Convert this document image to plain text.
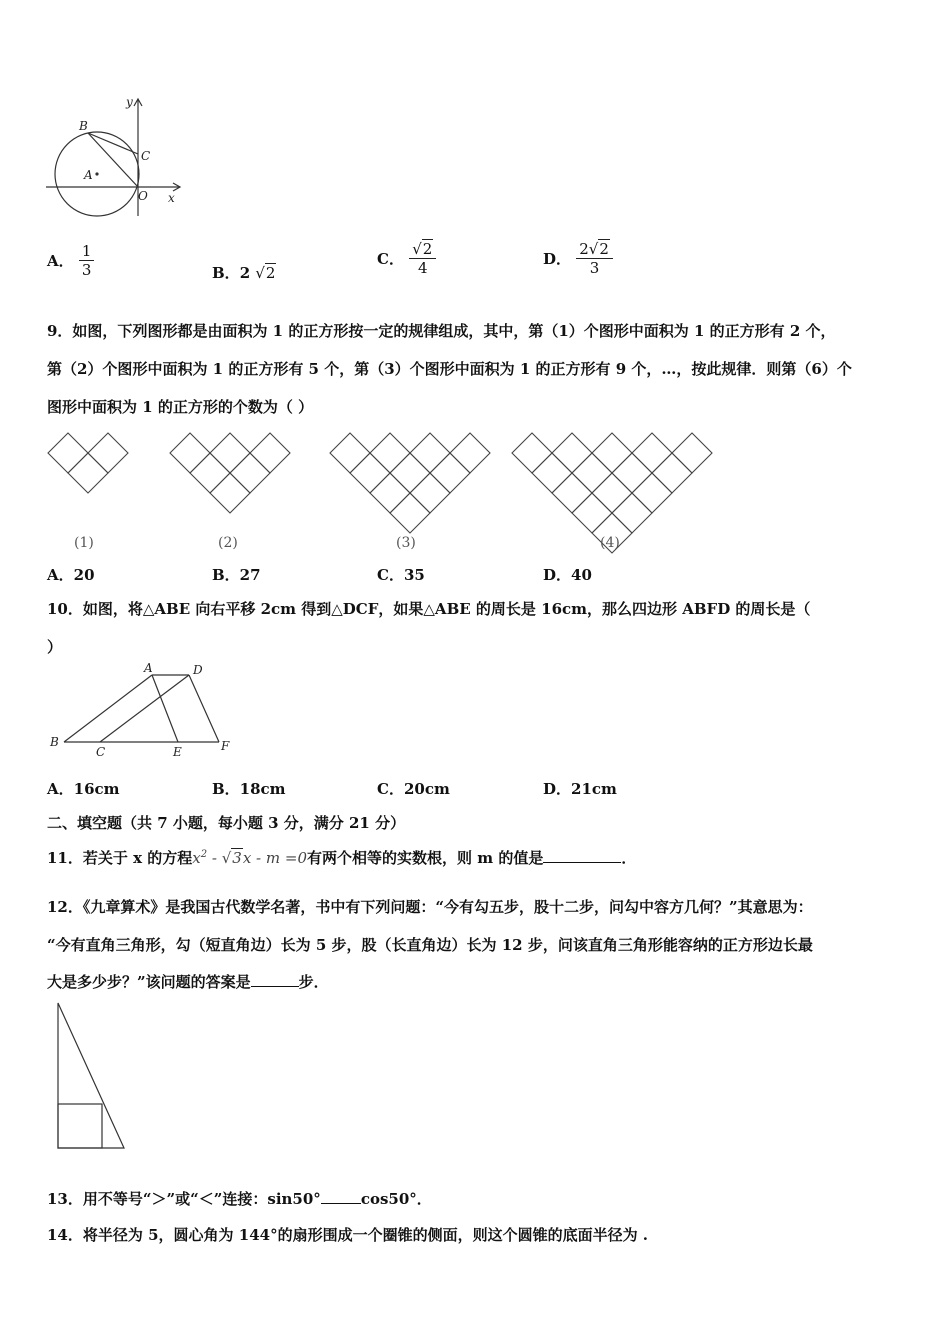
y
B
C
A
O x
A． $\frac{1}{3}$	B．2 √2
C． $\frac{√2}{4}$	D． $\frac{2√2}{3}$
9．如图，下列图形都是由面积为 1 的正方形按一定的规律组成，其中，第（1）个图形中面积为 1 的正方形有 2 个，
第（2）个图形中面积为 1 的正方形有 5 个，第（3）个图形中面积为 1 的正方形有 9 个，…，按此规律．则第（6）个
图形中面积为 1 的正方形的个数为（ ）
(1)	(2)	(3)	(4)
A．20	B．27	C．35	D．40
10．如图，将△ABE 向右平移 2cm 得到△DCF，如果△ABE 的周长是 16cm，那么四边形 ABFD 的周长是（
）
A	D
B
C	E	F
A．16cm	B．18cm	C．20cm	D．21cm
二、填空题（共 7 小题，每小题 3 分，满分 21 分）
11．若关于 x 的方程$x^2 - √3x - m =0$有两个相等的实数根，则 m 的值是	．
12．《九章算术》是我国古代数学名著，书中有下列问题：“今有勾五步，股十二步，问勾中容方几何？”其意思为：
“今有直角三角形，勾（短直角边）长为 5 步，股（长直角边）长为 12 步，问该直角三角形能容纳的正方形边长最
大是多少步？”该问题的答案是	步．
13．用不等号“＞”或“＜”连接：sin50°	cos50°．
14．将半径为 5，圆心角为 144°的扇形围成一个圈锥的侧面，则这个圆锥的底面半径为 .
